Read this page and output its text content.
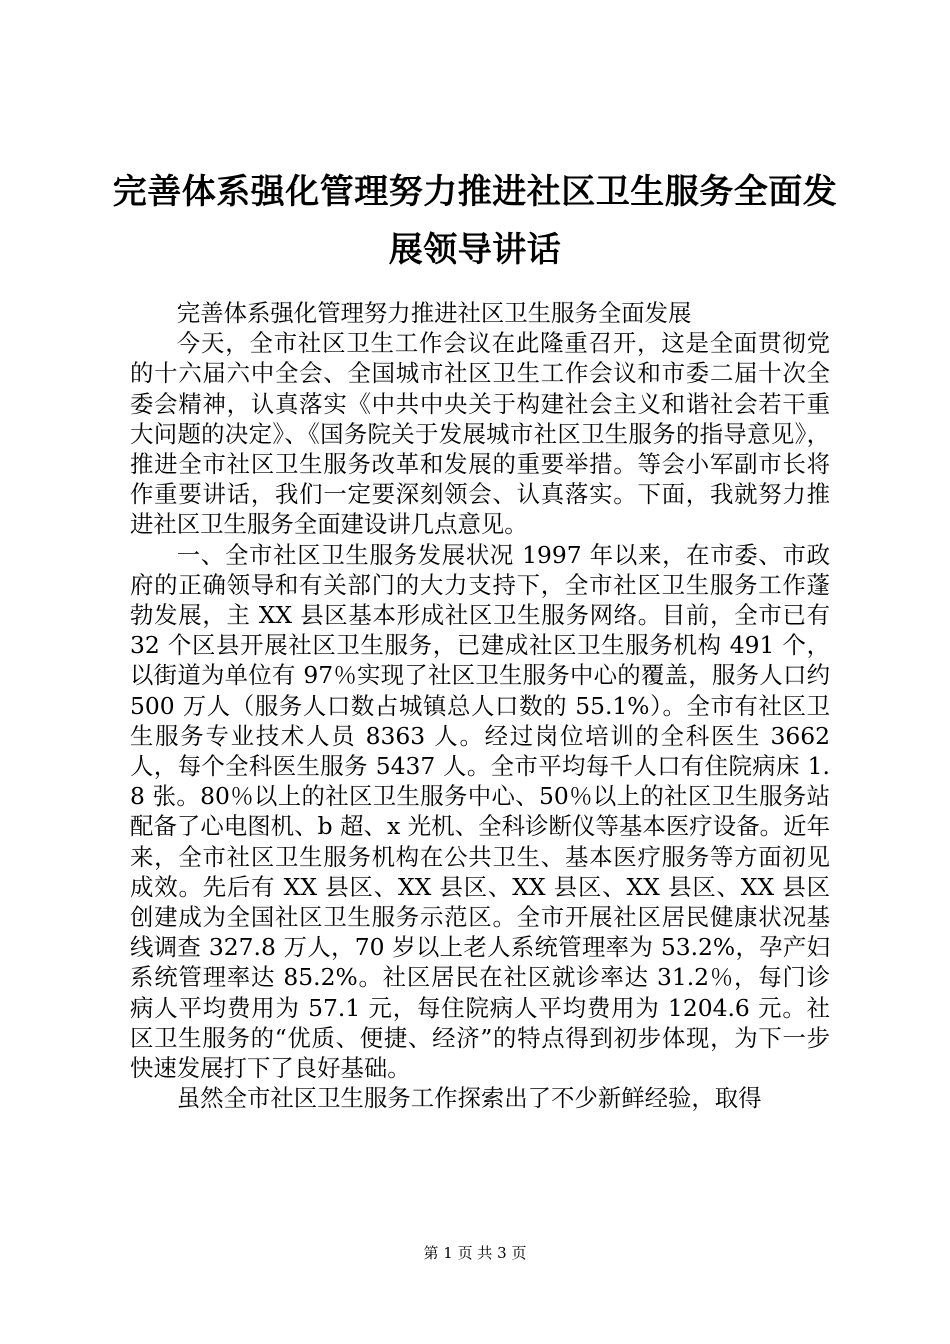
完善体系强化管理努力推进社区卫生服务全面发展领导讲话

完善体系强化管理努力推进社区卫生服务全面发展

今天，全市社区卫生工作会议在此隆重召开，这是全面贯彻党的十六届六中全会、全国城市社区卫生工作会议和市委二届十次全委会精神，认真落实《中共中央关于构建社会主义和谐社会若干重大问题的决定》、《国务院关于发展城市社区卫生服务的指导意见》，推进全市社区卫生服务改革和发展的重要举措。等会小军副市长将作重要讲话，我们一定要深刻领会、认真落实。下面，我就努力推进社区卫生服务全面建设讲几点意见。

一、全市社区卫生服务发展状况 1997 年以来，在市委、市政府的正确领导和有关部门的大力支持下，全市社区卫生服务工作蓬勃发展，主 XX 县区基本形成社区卫生服务网络。目前，全市已有 32 个区县开展社区卫生服务，已建成社区卫生服务机构 491 个，以街道为单位有 97％实现了社区卫生服务中心的覆盖，服务人口约 500 万人（服务人口数占城镇总人口数的 55.1%）。全市有社区卫生服务专业技术人员 8363 人。经过岗位培训的全科医生 3662 人，每个全科医生服务 5437 人。全市平均每千人口有住院病床 1.8 张。80％以上的社区卫生服务中心、50％以上的社区卫生服务站配备了心电图机、b 超、x 光机、全科诊断仪等基本医疗设备。近年来，全市社区卫生服务机构在公共卫生、基本医疗服务等方面初见成效。先后有 XX 县区、XX 县区、XX 县区、XX 县区、XX 县区创建成为全国社区卫生服务示范区。全市开展社区居民健康状况基线调查 327.8 万人，70 岁以上老人系统管理率为 53.2%，孕产妇系统管理率达 85.2%。社区居民在社区就诊率达 31.2％，每门诊病人平均费用为 57.1 元，每住院病人平均费用为 1204.6 元。社区卫生服务的“优质、便捷、经济”的特点得到初步体现，为下一步快速发展打下了良好基础。

虽然全市社区卫生服务工作探索出了不少新鲜经验，取得

第 1 页 共 3 页
